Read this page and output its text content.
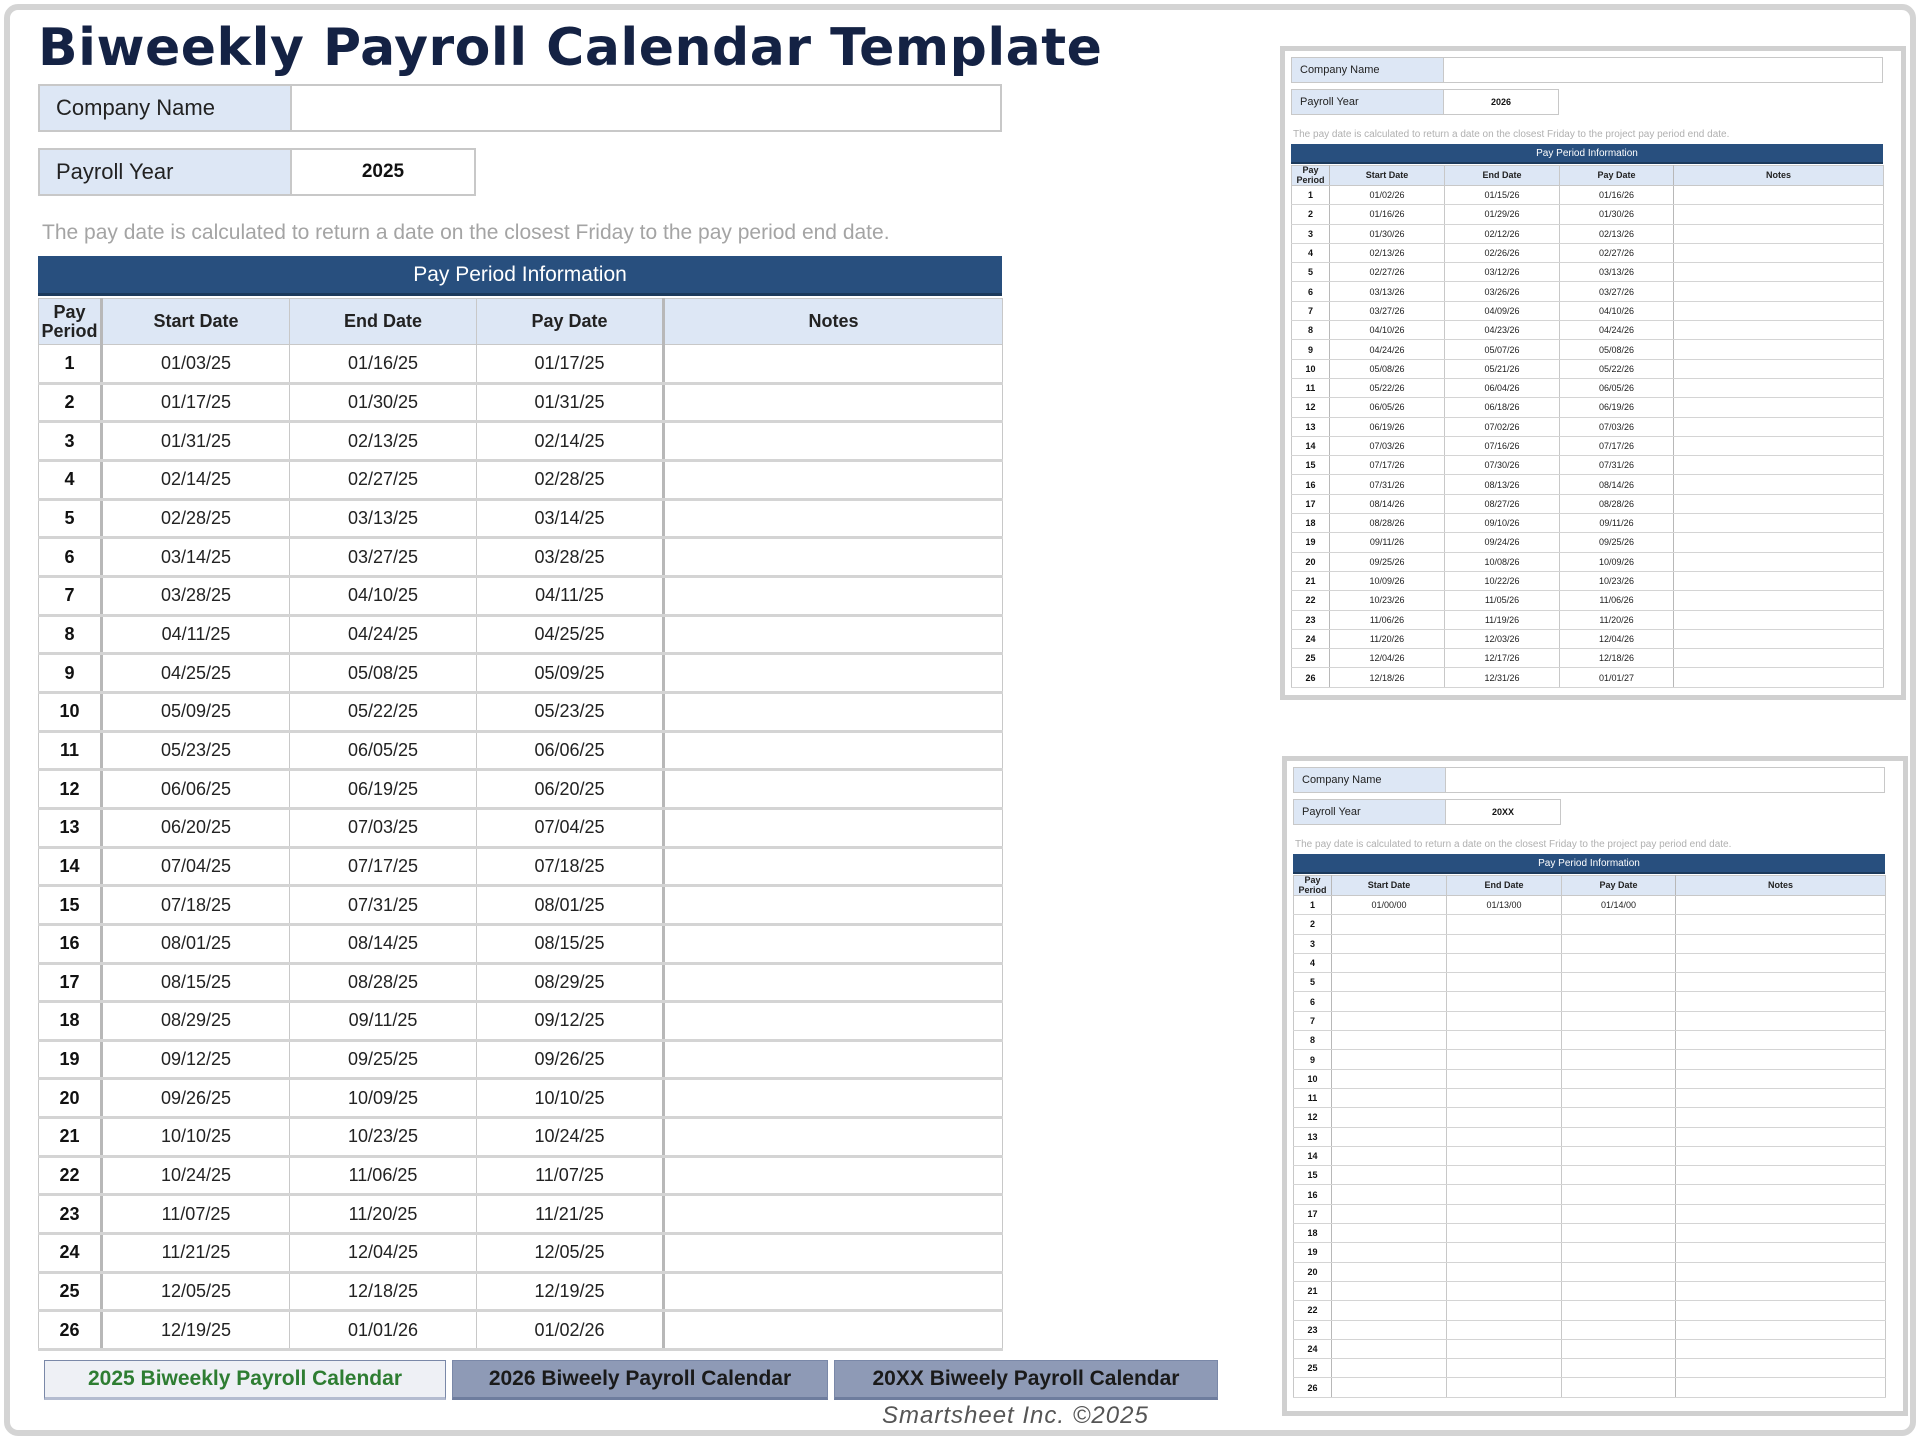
Biweekly Payroll Calendar Template
Company Name
Payroll Year	2025
The pay date is calculated to return a date on the closest Friday to the pay period end date.
Pay Period Information
Pay
Period	Start Date	End Date	Pay Date	Notes
1	01/03/25	01/16/25	01/17/25	
2	01/17/25	01/30/25	01/31/25	
3	01/31/25	02/13/25	02/14/25	
4	02/14/25	02/27/25	02/28/25	
5	02/28/25	03/13/25	03/14/25	
6	03/14/25	03/27/25	03/28/25	
7	03/28/25	04/10/25	04/11/25	
8	04/11/25	04/24/25	04/25/25	
9	04/25/25	05/08/25	05/09/25	
10	05/09/25	05/22/25	05/23/25	
11	05/23/25	06/05/25	06/06/25	
12	06/06/25	06/19/25	06/20/25	
13	06/20/25	07/03/25	07/04/25	
14	07/04/25	07/17/25	07/18/25	
15	07/18/25	07/31/25	08/01/25	
16	08/01/25	08/14/25	08/15/25	
17	08/15/25	08/28/25	08/29/25	
18	08/29/25	09/11/25	09/12/25	
19	09/12/25	09/25/25	09/26/25	
20	09/26/25	10/09/25	10/10/25	
21	10/10/25	10/23/25	10/24/25	
22	10/24/25	11/06/25	11/07/25	
23	11/07/25	11/20/25	11/21/25	
24	11/21/25	12/04/25	12/05/25	
25	12/05/25	12/18/25	12/19/25	
26	12/19/25	01/01/26	01/02/26	
2025 Biweekly Payroll Calendar	2026 Biweely Payroll Calendar	20XX Biweely Payroll Calendar
Smartsheet Inc. ©2025
Company Name
Payroll Year	2026
The pay date is calculated to return a date on the closest Friday to the project pay period end date.
Pay Period Information
Pay
Period	Start Date	End Date	Pay Date	Notes
1	01/02/26	01/15/26	01/16/26	
2	01/16/26	01/29/26	01/30/26	
3	01/30/26	02/12/26	02/13/26	
4	02/13/26	02/26/26	02/27/26	
5	02/27/26	03/12/26	03/13/26	
6	03/13/26	03/26/26	03/27/26	
7	03/27/26	04/09/26	04/10/26	
8	04/10/26	04/23/26	04/24/26	
9	04/24/26	05/07/26	05/08/26	
10	05/08/26	05/21/26	05/22/26	
11	05/22/26	06/04/26	06/05/26	
12	06/05/26	06/18/26	06/19/26	
13	06/19/26	07/02/26	07/03/26	
14	07/03/26	07/16/26	07/17/26	
15	07/17/26	07/30/26	07/31/26	
16	07/31/26	08/13/26	08/14/26	
17	08/14/26	08/27/26	08/28/26	
18	08/28/26	09/10/26	09/11/26	
19	09/11/26	09/24/26	09/25/26	
20	09/25/26	10/08/26	10/09/26	
21	10/09/26	10/22/26	10/23/26	
22	10/23/26	11/05/26	11/06/26	
23	11/06/26	11/19/26	11/20/26	
24	11/20/26	12/03/26	12/04/26	
25	12/04/26	12/17/26	12/18/26	
26	12/18/26	12/31/26	01/01/27	
Company Name
Payroll Year	20XX
The pay date is calculated to return a date on the closest Friday to the project pay period end date.
Pay Period Information
Pay
Period	Start Date	End Date	Pay Date	Notes
1	01/00/00	01/13/00	01/14/00	
2				
3				
4				
5				
6				
7				
8				
9				
10				
11				
12				
13				
14				
15				
16				
17				
18				
19				
20				
21				
22				
23				
24				
25				
26				
